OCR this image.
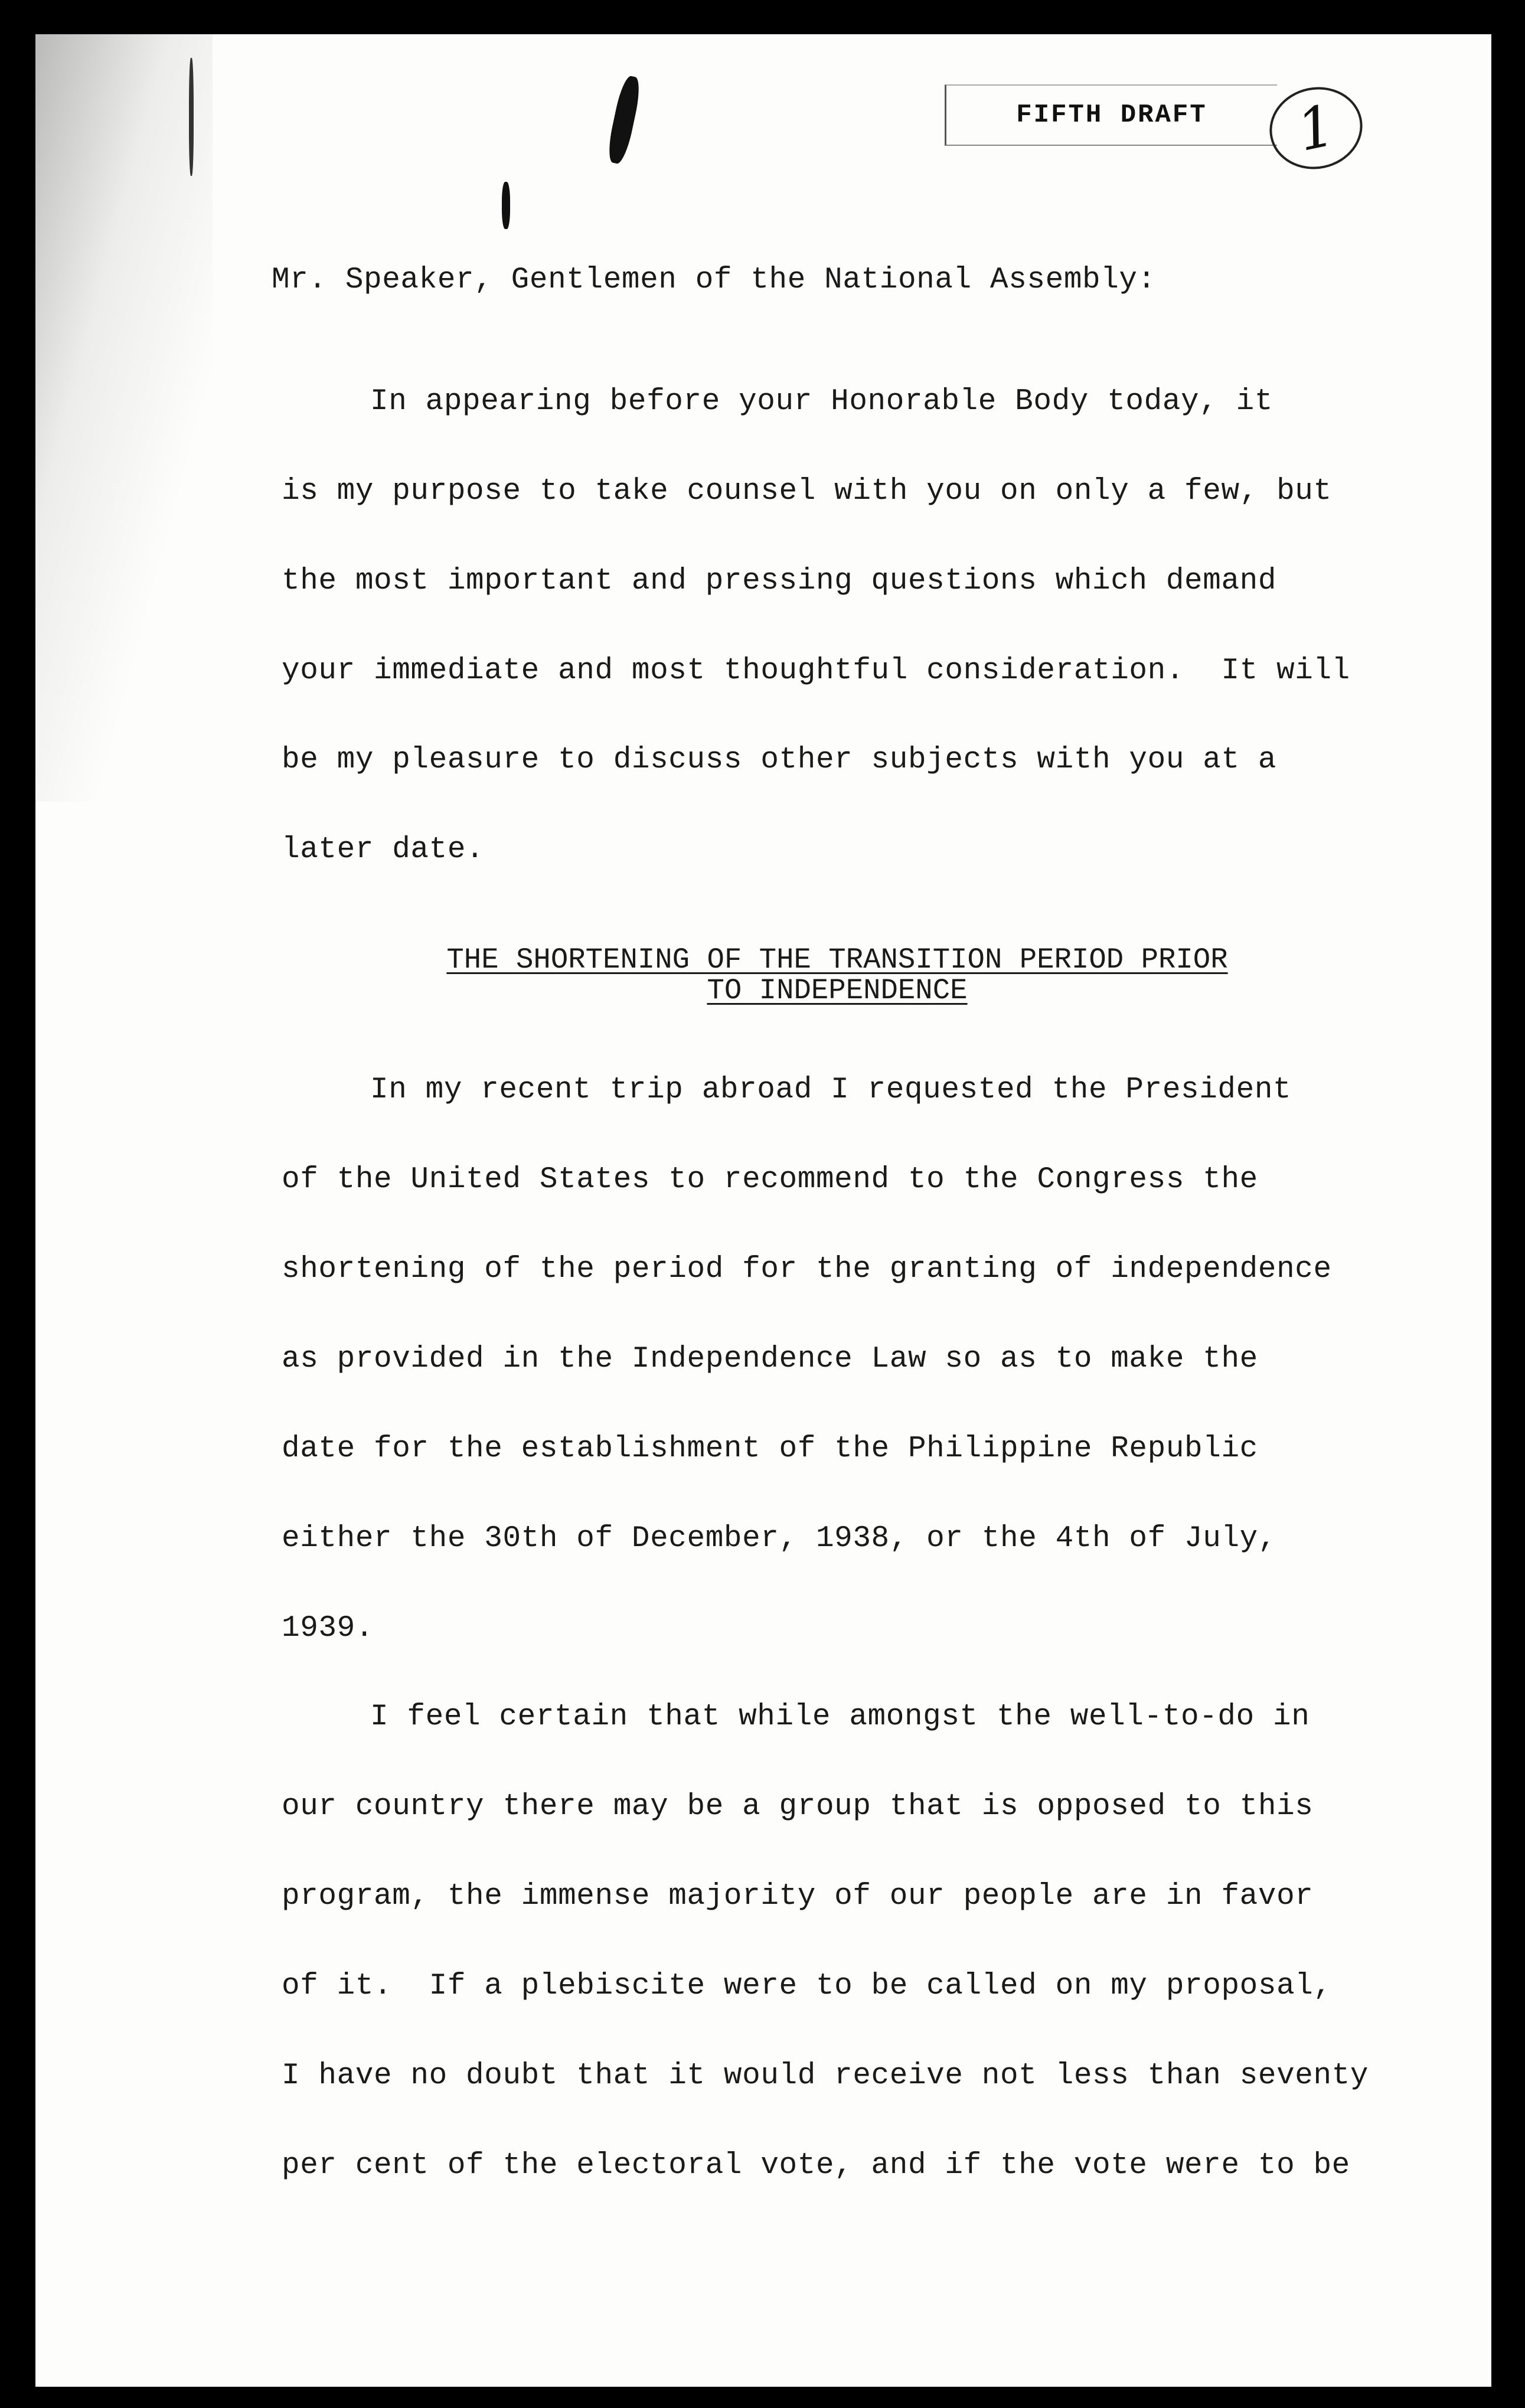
FIFTH DRAFT 1
Mr. Speaker, Gentlemen of the National Assembly:
In appearing before your Honorable Body today, it
is my purpose to take counsel with you on only a few, but
the most important and pressing questions which demand
your immediate and most thoughtful consideration.  It will
be my pleasure to discuss other subjects with you at a
later date.
THE SHORTENING OF THE TRANSITION PERIOD PRIOR
TO INDEPENDENCE
In my recent trip abroad I requested the President
of the United States to recommend to the Congress the
shortening of the period for the granting of independence
as provided in the Independence Law so as to make the
date for the establishment of the Philippine Republic
either the 30th of December, 1938, or the 4th of July,
1939.
I feel certain that while amongst the well-to-do in
our country there may be a group that is opposed to this
program, the immense majority of our people are in favor
of it.  If a plebiscite were to be called on my proposal,
I have no doubt that it would receive not less than seventy
per cent of the electoral vote, and if the vote were to be
